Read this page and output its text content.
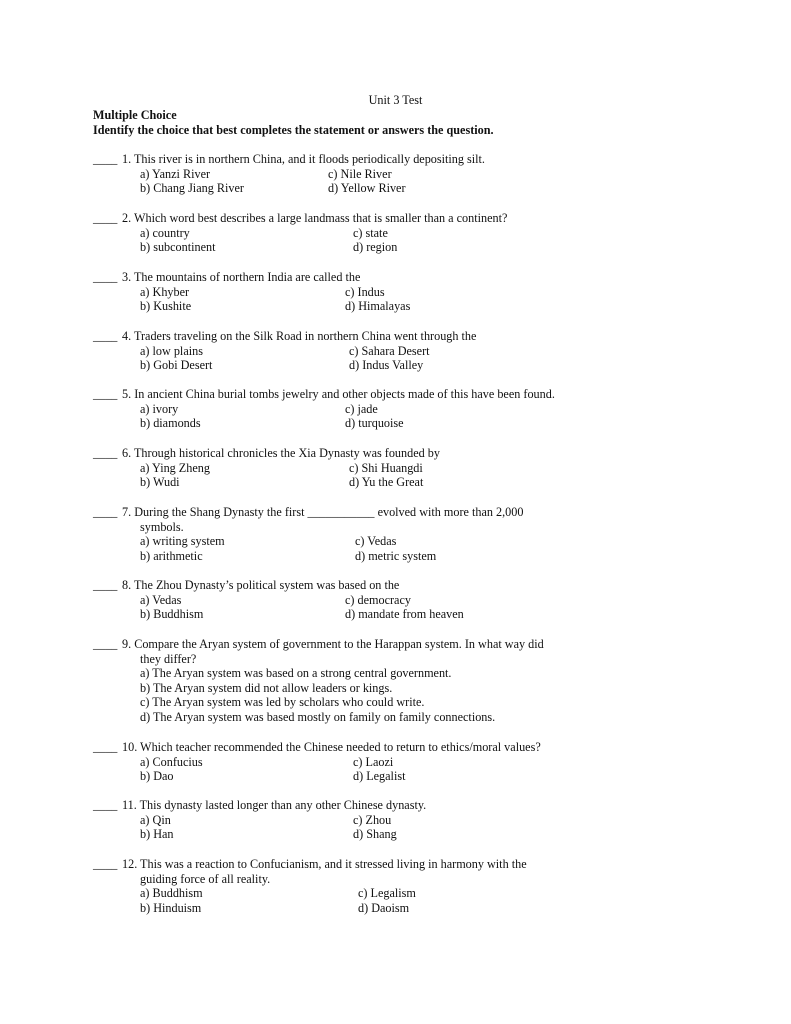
Unit 3 Test
Multiple Choice
Identify the choice that best completes the statement or answers the question.
____ 1. This river is in northern China, and it floods periodically depositing silt.
a) Yanzi River	c) Nile River
b) Chang Jiang River	d) Yellow River
____ 2. Which word best describes a large landmass that is smaller than a continent?
a) country	c) state
b) subcontinent	d) region
____ 3. The mountains of northern India are called the
a) Khyber	c) Indus
b) Kushite	d) Himalayas
____ 4. Traders traveling on the Silk Road in northern China went through the
a) low plains	c) Sahara Desert
b) Gobi Desert	d) Indus Valley
____ 5. In ancient China burial tombs jewelry and other objects made of this have been found.
a) ivory	c) jade
b) diamonds	d) turquoise
____ 6. Through historical chronicles the Xia Dynasty was founded by
a) Ying Zheng	c) Shi Huangdi
b) Wudi	d) Yu the Great
____ 7. During the Shang Dynasty the first ___________ evolved with more than 2,000
symbols.
a) writing system	c) Vedas
b) arithmetic	d) metric system
____ 8. The Zhou Dynasty’s political system was based on the
a) Vedas	c) democracy
b) Buddhism	d) mandate from heaven
____ 9. Compare the Aryan system of government to the Harappan system. In what way did
they differ?
a) The Aryan system was based on a strong central government.
b) The Aryan system did not allow leaders or kings.
c) The Aryan system was led by scholars who could write.
d) The Aryan system was based mostly on family on family connections.
____ 10. Which teacher recommended the Chinese needed to return to ethics/moral values?
a) Confucius	c) Laozi
b) Dao	d) Legalist
____ 11. This dynasty lasted longer than any other Chinese dynasty.
a) Qin	c) Zhou
b) Han	d) Shang
____ 12. This was a reaction to Confucianism, and it stressed living in harmony with the
guiding force of all reality.
a) Buddhism	c) Legalism
b) Hinduism	d) Daoism
